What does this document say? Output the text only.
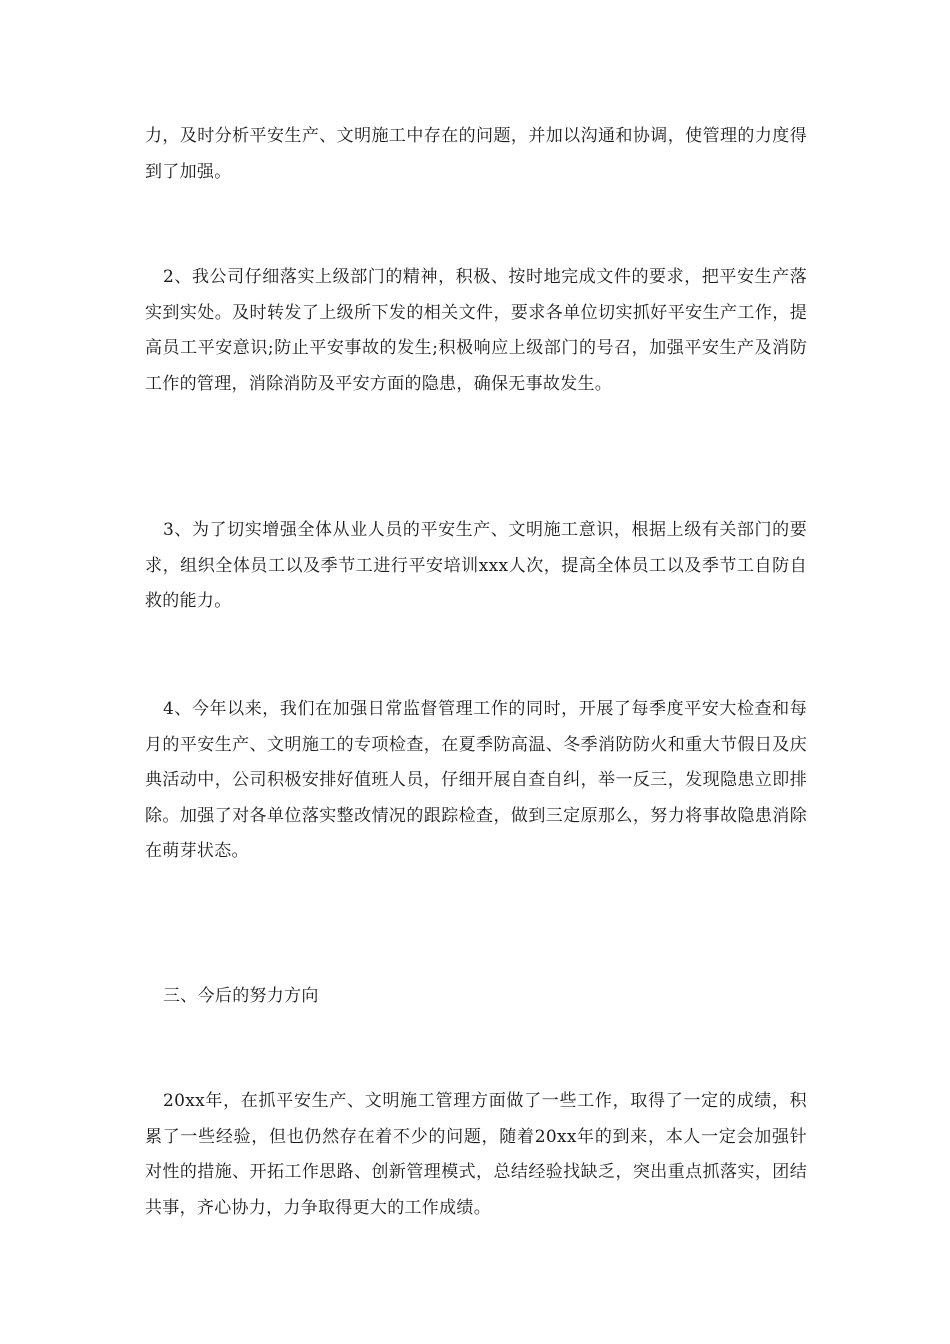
力，及时分析平安生产、文明施工中存在的问题，并加以沟通和协调，使管理的力度得到了加强。

2、我公司仔细落实上级部门的精神，积极、按时地完成文件的要求，把平安生产落实到实处。及时转发了上级所下发的相关文件，要求各单位切实抓好平安生产工作，提高员工平安意识;防止平安事故的发生;积极响应上级部门的号召，加强平安生产及消防工作的管理，消除消防及平安方面的隐患，确保无事故发生。

3、为了切实增强全体从业人员的平安生产、文明施工意识，根据上级有关部门的要求，组织全体员工以及季节工进行平安培训xxx人次，提高全体员工以及季节工自防自救的能力。

4、今年以来，我们在加强日常监督管理工作的同时，开展了每季度平安大检查和每月的平安生产、文明施工的专项检查，在夏季防高温、冬季消防防火和重大节假日及庆典活动中，公司积极安排好值班人员，仔细开展自查自纠，举一反三，发现隐患立即排除。加强了对各单位落实整改情况的跟踪检查，做到三定原那么，努力将事故隐患消除在萌芽状态。

三、今后的努力方向

20xx年，在抓平安生产、文明施工管理方面做了一些工作，取得了一定的成绩，积累了一些经验，但也仍然存在着不少的问题，随着20xx年的到来，本人一定会加强针对性的措施、开拓工作思路、创新管理模式，总结经验找缺乏，突出重点抓落实，团结共事，齐心协力，力争取得更大的工作成绩。
